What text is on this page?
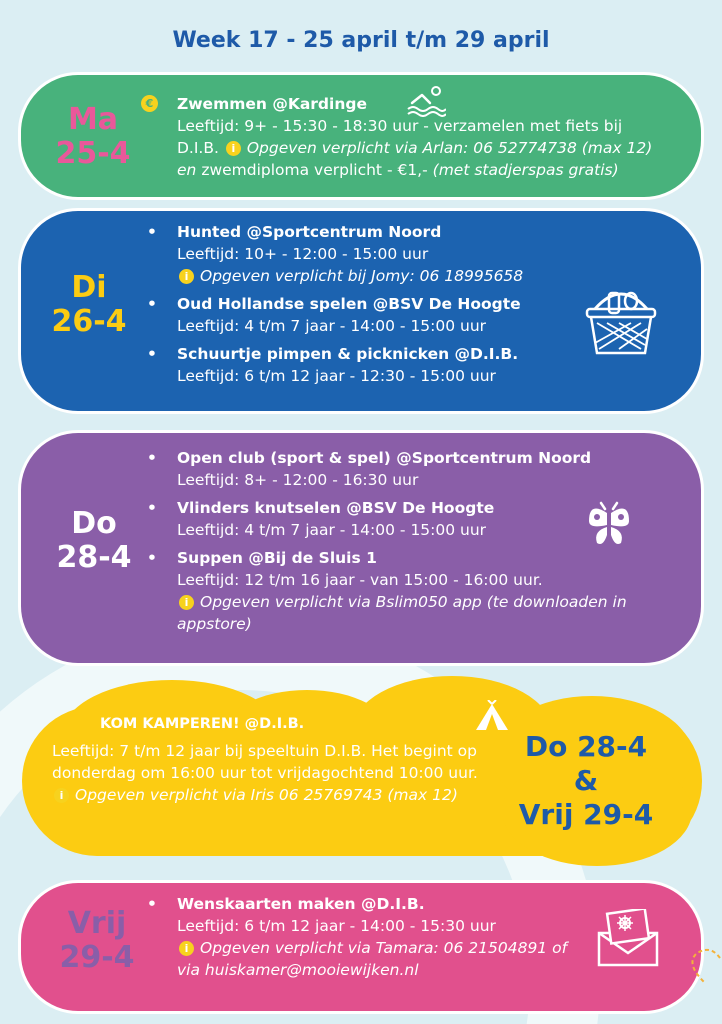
Week 17 - 25 april t/m 29 april
Ma
25-4
€	Zwemmen @Kardinge
Leeftijd: 9+ - 15:30 - 18:30 uur - verzamelen met fiets bij
D.I.B. i Opgeven verplicht via Arlan: 06 52774738 (max 12)
en zwemdiploma verplicht - €1,- (met stadjerspas gratis)
Di
26-4
• Hunted @Sportcentrum Noord
Leeftijd: 10+ - 12:00 - 15:00 uur
i Opgeven verplicht bij Jomy: 06 18995658
• Oud Hollandse spelen @BSV De Hoogte
Leeftijd: 4 t/m 7 jaar - 14:00 - 15:00 uur
• Schuurtje pimpen & picknicken @D.I.B.
Leeftijd: 6 t/m 12 jaar - 12:30 - 15:00 uur
Do
28-4
• Open club (sport & spel) @Sportcentrum Noord
Leeftijd: 8+ - 12:00 - 16:30 uur
• Vlinders knutselen @BSV De Hoogte
Leeftijd: 4 t/m 7 jaar - 14:00 - 15:00 uur
• Suppen @Bij de Sluis 1
Leeftijd: 12 t/m 16 jaar - van 15:00 - 16:00 uur.
i Opgeven verplicht via Bslim050 app (te downloaden in appstore)
KOM KAMPEREN! @D.I.B.
Leeftijd: 7 t/m 12 jaar bij speeltuin D.I.B. Het begint op donderdag om 16:00 uur tot vrijdagochtend 10:00 uur. i Opgeven verplicht via Iris 06 25769743 (max 12)
Do 28-4
&
Vrij 29-4
Vrij
29-4
• Wenskaarten maken @D.I.B.
Leeftijd: 6 t/m 12 jaar - 14:00 - 15:30 uur
i Opgeven verplicht via Tamara: 06 21504891 of via huiskamer@mooiewijken.nl
